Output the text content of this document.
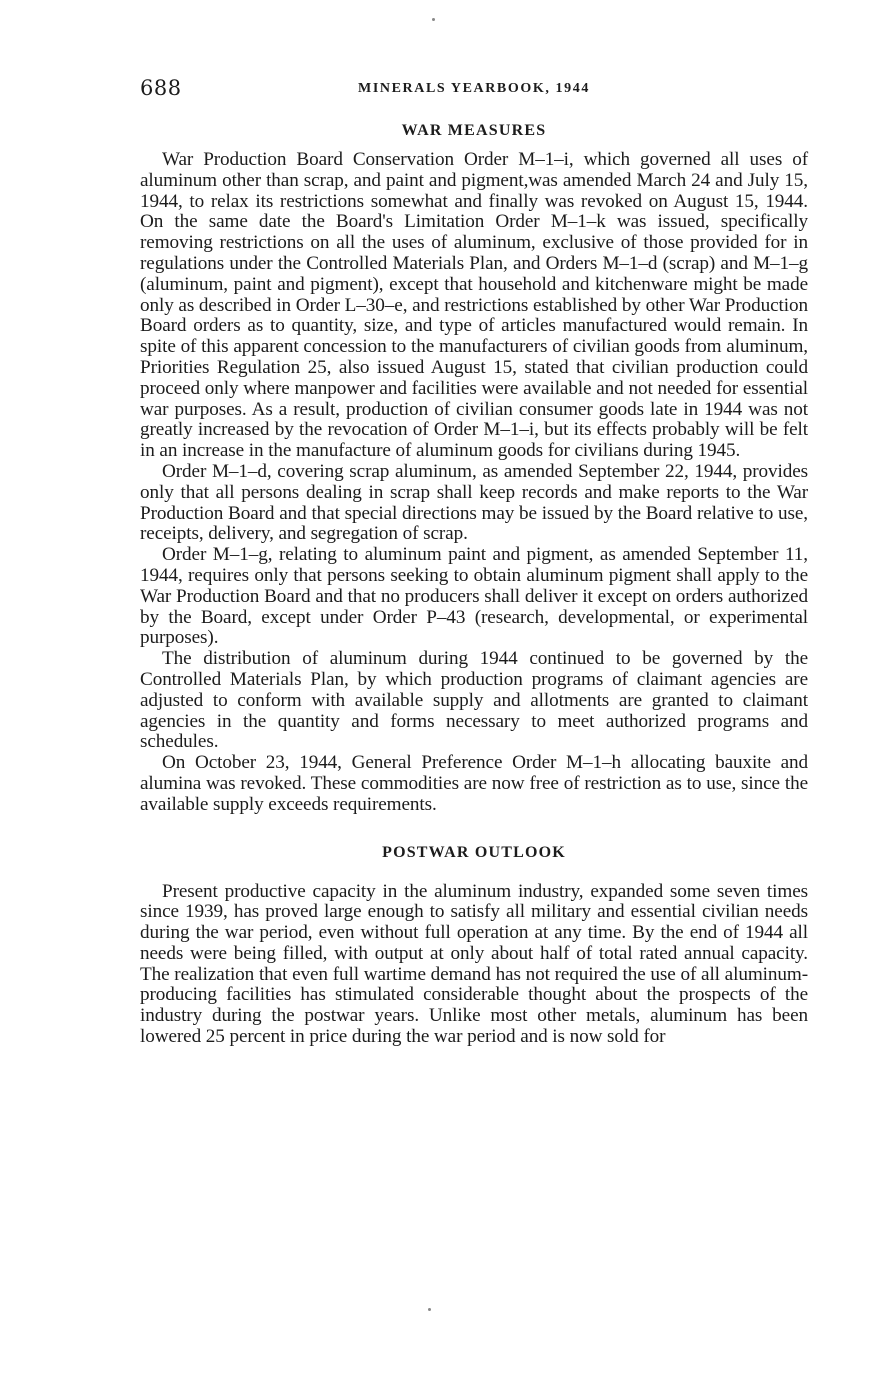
688	MINERALS YEARBOOK, 1944
WAR MEASURES

War Production Board Conservation Order M–1–i, which governed all uses of aluminum other than scrap, and paint and pigment,was amended March 24 and July 15, 1944, to relax its restrictions somewhat and finally was revoked on August 15, 1944. On the same date the Board's Limitation Order M–1–k was issued, specifically removing restrictions on all the uses of aluminum, exclusive of those provided for in regulations under the Controlled Materials Plan, and Orders M–1–d (scrap) and M–1–g (aluminum, paint and pigment), except that household and kitchenware might be made only as described in Order L–30–e, and restrictions established by other War Production Board orders as to quantity, size, and type of articles manufactured would remain. In spite of this apparent concession to the manufacturers of civilian goods from aluminum, Priorities Regulation 25, also issued August 15, stated that civilian production could proceed only where manpower and facilities were available and not needed for essential war purposes. As a result, production of civilian consumer goods late in 1944 was not greatly increased by the revocation of Order M–1–i, but its effects probably will be felt in an increase in the manufacture of aluminum goods for civilians during 1945.

Order M–1–d, covering scrap aluminum, as amended September 22, 1944, provides only that all persons dealing in scrap shall keep records and make reports to the War Production Board and that special directions may be issued by the Board relative to use, receipts, delivery, and segregation of scrap.

Order M–1–g, relating to aluminum paint and pigment, as amended September 11, 1944, requires only that persons seeking to obtain aluminum pigment shall apply to the War Production Board and that no producers shall deliver it except on orders authorized by the Board, except under Order P–43 (research, developmental, or experimental purposes).

The distribution of aluminum during 1944 continued to be governed by the Controlled Materials Plan, by which production programs of claimant agencies are adjusted to conform with available supply and allotments are granted to claimant agencies in the quantity and forms necessary to meet authorized programs and schedules.

On October 23, 1944, General Preference Order M–1–h allocating bauxite and alumina was revoked. These commodities are now free of restriction as to use, since the available supply exceeds requirements.

POSTWAR OUTLOOK

Present productive capacity in the aluminum industry, expanded some seven times since 1939, has proved large enough to satisfy all military and essential civilian needs during the war period, even without full operation at any time. By the end of 1944 all needs were being filled, with output at only about half of total rated annual capacity. The realization that even full wartime demand has not required the use of all aluminum-producing facilities has stimulated considerable thought about the prospects of the industry during the postwar years. Unlike most other metals, aluminum has been lowered 25 percent in price during the war period and is now sold for
